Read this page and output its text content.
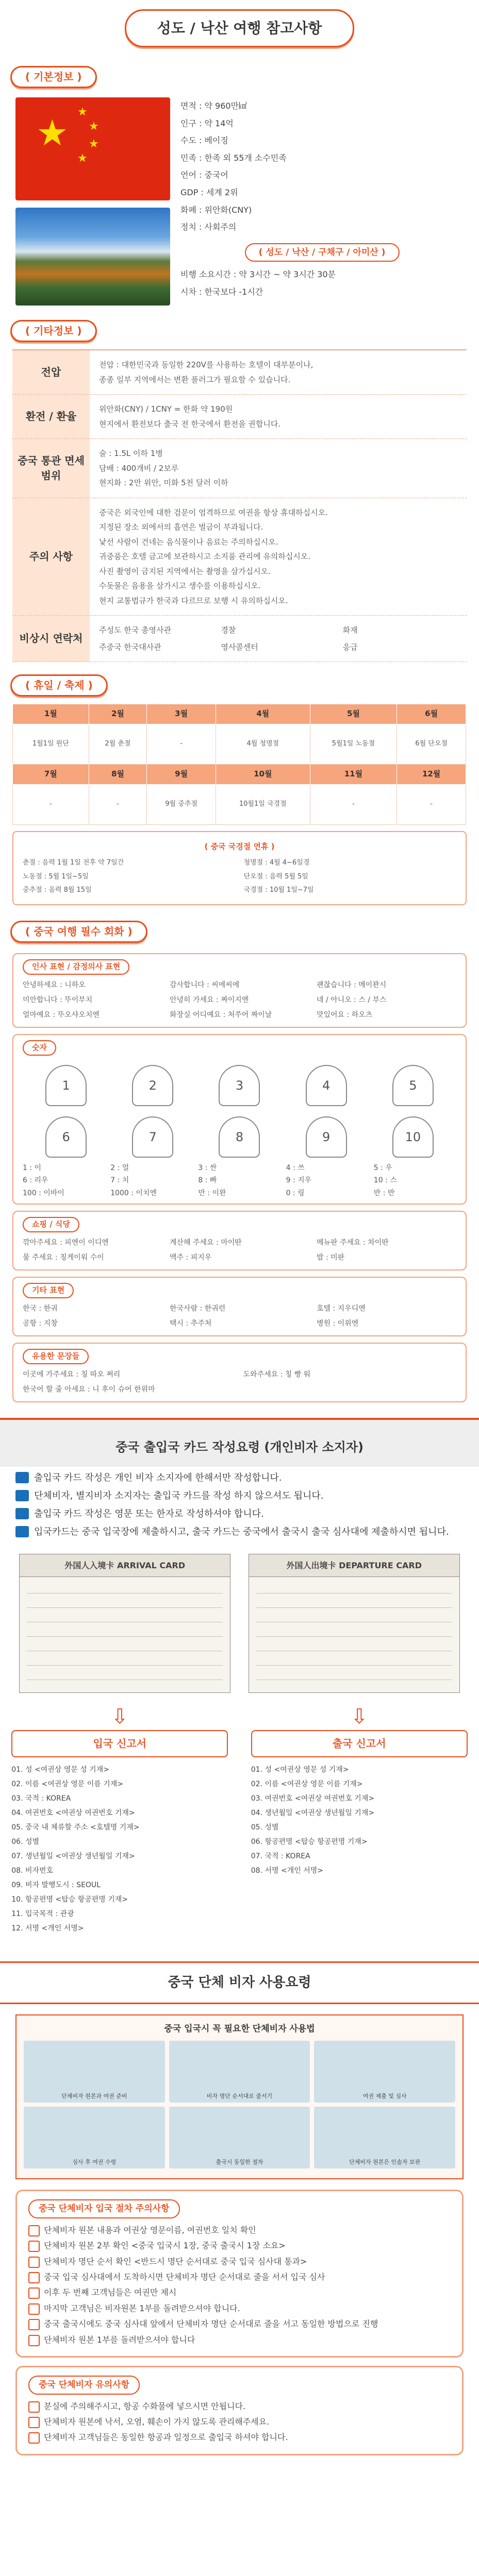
성도 / 낙산 여행 참고사항
( 기본정보 )
★ ★
★
★
★
면적 : 약 960만㎢
인구 : 약 14억
수도 : 베이징
민족 : 한족 외 55개 소수민족
언어 : 중국어
GDP : 세계 2위
화폐 : 위안화(CNY)
정치 : 사회주의
( 성도 / 낙산 / 구채구 / 아미산 )
비행 소요시간 : 약 3시간 ~ 약 3시간 30분
시차 : 한국보다 -1시간
( 기타정보 )
전압
전압 : 대한민국과 동일한 220V를 사용하는 호텔이 대부분이나,
종종 일부 지역에서는 변환 플러그가 필요할 수 있습니다.
환전 / 환율
위안화(CNY) / 1CNY = 한화 약 190원
현지에서 환전보다 출국 전 한국에서 환전을 권합니다.
중국 통관 면세 범위
술 : 1.5L 이하 1병
담배 : 400개비 / 2보루
현지화 : 2만 위안, 미화 5천 달러 이하
주의 사항
중국은 외국인에 대한 검문이 엄격하므로 여권을 항상 휴대하십시오.
지정된 장소 외에서의 흡연은 벌금이 부과됩니다.
낯선 사람이 건네는 음식물이나 음료는 주의하십시오.
귀중품은 호텔 금고에 보관하시고 소지품 관리에 유의하십시오.
사진 촬영이 금지된 지역에서는 촬영을 삼가십시오.
수돗물은 음용을 삼가시고 생수를 이용하십시오.
현지 교통법규가 한국과 다르므로 보행 시 유의하십시오.
비상시 연락처
주성도 한국 총영사관	경찰	화재
주중국 한국대사관	영사콜센터	응급
( 휴일 / 축제 )
1월	2월	3월	4월	5월	6월
1월1일 원단	2월 춘절	-	4월 청명절	5월1일 노동절	6월 단오절
7월	8월	9월	10월	11월	12월
-	-	9월 중추절	10월1일 국경절	-	-
( 중국 국경절 연휴 )
춘절 : 음력 1월 1일 전후 약 7일간	청명절 : 4월 4~6일경
노동절 : 5월 1일~5일	단오절 : 음력 5월 5일
중추절 : 음력 8월 15일	국경절 : 10월 1일~7일
( 중국 여행 필수 회화 )
인사 표현 / 감정의사 표현
안녕하세요 : 니하오	감사합니다 : 씨에씨에	괜찮습니다 : 메이꽌시
미안합니다 : 뚜이부치	안녕히 가세요 : 짜이지엔	네 / 아니오 : 스 / 부스
얼마예요 : 뚜오샤오치엔	화장실 어디예요 : 처쑤어 짜이날	맛있어요 : 하오츠
숫자
1	2	3	4	5
6	7	8	9	10
1 : 이	2 : 얼	3 : 싼	4 : 쓰	5 : 우
6 : 리우	7 : 치	8 : 빠	9 : 지우	10 : 스
100 : 이바이	1000 : 이치엔	만 : 이완	0 : 링	반 : 반
쇼핑 / 식당
깎아주세요 : 피엔이 이디엔	계산해 주세요 : 마이딴	메뉴판 주세요 : 차이딴
물 주세요 : 칭게이워 수이	맥주 : 피지우	밥 : 미판
기타 표현
한국 : 한궈	한국사람 : 한궈런	호텔 : 지우디엔
공항 : 지창	택시 : 추주처	병원 : 이위엔
유용한 문장들
이곳에 가주세요 : 칭 따오 쩌리	도와주세요 : 칭 빵 워
한국어 할 줄 아세요 : 니 후이 슈어 한위마
중국 출입국 카드 작성요령 (개인비자 소지자)
출입국 카드 작성은 개인 비자 소지자에 한해서만 작성합니다.
단체비자, 별지비자 소지자는 출입국 카드를 작성 하지 않으셔도 됩니다.
출입국 카드 작성은 영문 또는 한자로 작성하셔야 합니다.
입국카드는 중국 입국장에 제출하시고, 출국 카드는 중국에서 출국시 출국 심사대에 제출하시면 됩니다.
外国人入境卡 ARRIVAL CARD	外国人出境卡 DEPARTURE CARD
⇩	⇩
입국 신고서	출국 신고서
01. 성 <여권상 영문 성 기재>
02. 이름 <여권상 영문 이름 기재>
03. 국적 : KOREA
04. 여권번호 <여권상 여권번호 기재>
05. 중국 내 체류할 주소 <호텔명 기재>
06. 성별
07. 생년월일 <여권상 생년월일 기재>
08. 비자번호
09. 비자 발행도시 : SEOUL
10. 항공편명 <탑승 항공편명 기재>
11. 입국목적 : 관광
12. 서명 <개인 서명>
01. 성 <여권상 영문 성 기재>
02. 이름 <여권상 영문 이름 기재>
03. 여권번호 <여권상 여권번호 기재>
04. 생년월일 <여권상 생년월일 기재>
05. 성별
06. 항공편명 <탑승 항공편명 기재>
07. 국적 : KOREA
08. 서명 <개인 서명>
중국 단체 비자 사용요령
중국 입국시 꼭 필요한 단체비자 사용법
단체비자 원본과 여권 준비	비자 명단 순서대로 줄서기	여권 제출 및 심사
심사 후 여권 수령	출국시 동일한 절차	단체비자 원본은 인솔자 보관
중국 단체비자 입국 절차 주의사항
단체비자 원본 내용과 여권상 영문이름, 여권번호 일치 확인
단체비자 원본 2부 확인 <중국 입국시 1장, 중국 출국시 1장 소요>
단체비자 명단 순서 확인 <반드시 명단 순서대로 중국 입국 심사대 통과>
중국 입국 심사대에서 도착하시면 단체비자 명단 순서대로 줄을 서서 입국 심사
이후 두 번째 고객님들은 여권만 제시
마지막 고객님은 비자원본 1부를 돌려받으셔야 합니다.
중국 출국시에도 중국 심사대 앞에서 단체비자 명단 순서대로 줄을 서고 동일한 방법으로 진행
단체비자 원본 1부를 돌려받으셔야 합니다
중국 단체비자 유의사항
분실에 주의해주시고, 항공 수화물에 넣으시면 안됩니다.
단체비자 원본에 낙서, 오염, 훼손이 가지 않도록 관리해주세요.
단체비자 고객님들은 동일한 항공과 일정으로 출입국 하셔야 합니다.
